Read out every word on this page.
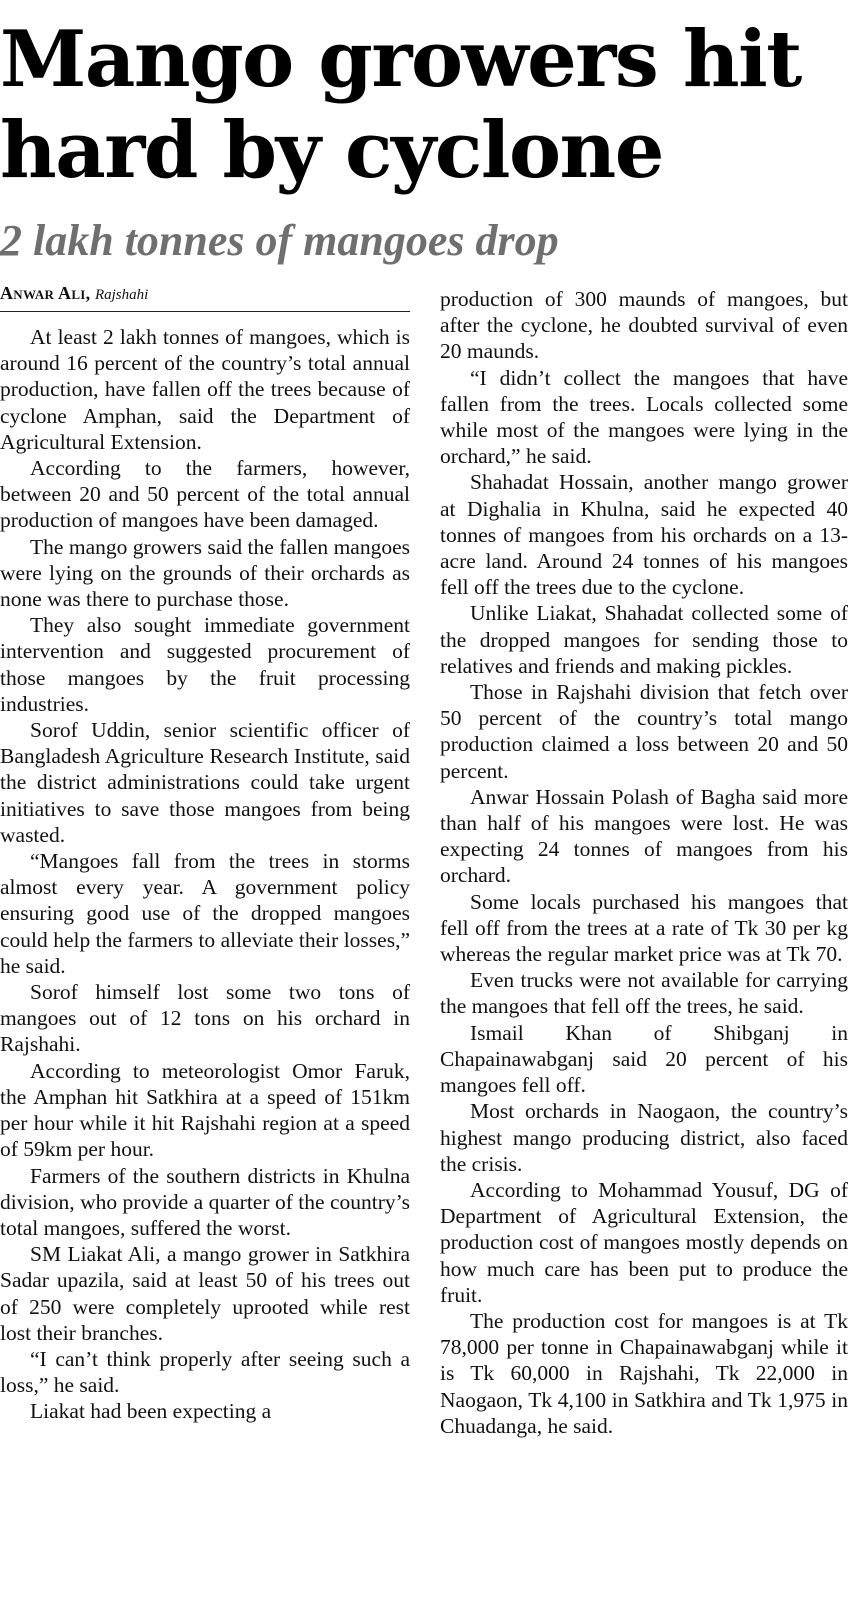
Mango growers hit hard by cyclone
2 lakh tonnes of mangoes drop
Anwar Ali, Rajshahi

At least 2 lakh tonnes of mangoes, which is around 16 percent of the country’s total annual production, have fallen off the trees because of cyclone Amphan, said the Department of Agricultural Extension.

According to the farmers, however, between 20 and 50 percent of the total annual production of mangoes have been damaged.

The mango growers said the fallen mangoes were lying on the grounds of their orchards as none was there to purchase those.

They also sought immediate government intervention and suggested procurement of those mangoes by the fruit processing industries.

Sorof Uddin, senior scientific officer of Bangladesh Agriculture Research Institute, said the district administrations could take urgent initiatives to save those mangoes from being wasted.

“Mangoes fall from the trees in storms almost every year. A government policy ensuring good use of the dropped mangoes could help the farmers to alleviate their losses,” he said.

Sorof himself lost some two tons of mangoes out of 12 tons on his orchard in Rajshahi.

According to meteorologist Omor Faruk, the Amphan hit Satkhira at a speed of 151km per hour while it hit Rajshahi region at a speed of 59km per hour.

Farmers of the southern districts in Khulna division, who provide a quarter of the country’s total mangoes, suffered the worst.

SM Liakat Ali, a mango grower in Satkhira Sadar upazila, said at least 50 of his trees out of 250 were completely uprooted while rest lost their branches.

“I can’t think properly after seeing such a loss,” he said.

Liakat had been expecting a

production of 300 maunds of mangoes, but after the cyclone, he doubted survival of even 20 maunds.

“I didn’t collect the mangoes that have fallen from the trees. Locals collected some while most of the mangoes were lying in the orchard,” he said.

Shahadat Hossain, another mango grower at Dighalia in Khulna, said he expected 40 tonnes of mangoes from his orchards on a 13-acre land. Around 24 tonnes of his mangoes fell off the trees due to the cyclone.

Unlike Liakat, Shahadat collected some of the dropped mangoes for sending those to relatives and friends and making pickles.

Those in Rajshahi division that fetch over 50 percent of the country’s total mango production claimed a loss between 20 and 50 percent.

Anwar Hossain Polash of Bagha said more than half of his mangoes were lost. He was expecting 24 tonnes of mangoes from his orchard.

Some locals purchased his mangoes that fell off from the trees at a rate of Tk 30 per kg whereas the regular market price was at Tk 70.

Even trucks were not available for carrying the mangoes that fell off the trees, he said.

Ismail Khan of Shibganj in Chapainawabganj said 20 percent of his mangoes fell off.

Most orchards in Naogaon, the country’s highest mango producing district, also faced the crisis.

According to Mohammad Yousuf, DG of Department of Agricultural Extension, the production cost of mangoes mostly depends on how much care has been put to produce the fruit.

The production cost for mangoes is at Tk 78,000 per tonne in Chapainawabganj while it is Tk 60,000 in Rajshahi, Tk 22,000 in Naogaon, Tk 4,100 in Satkhira and Tk 1,975 in Chuadanga, he said.
